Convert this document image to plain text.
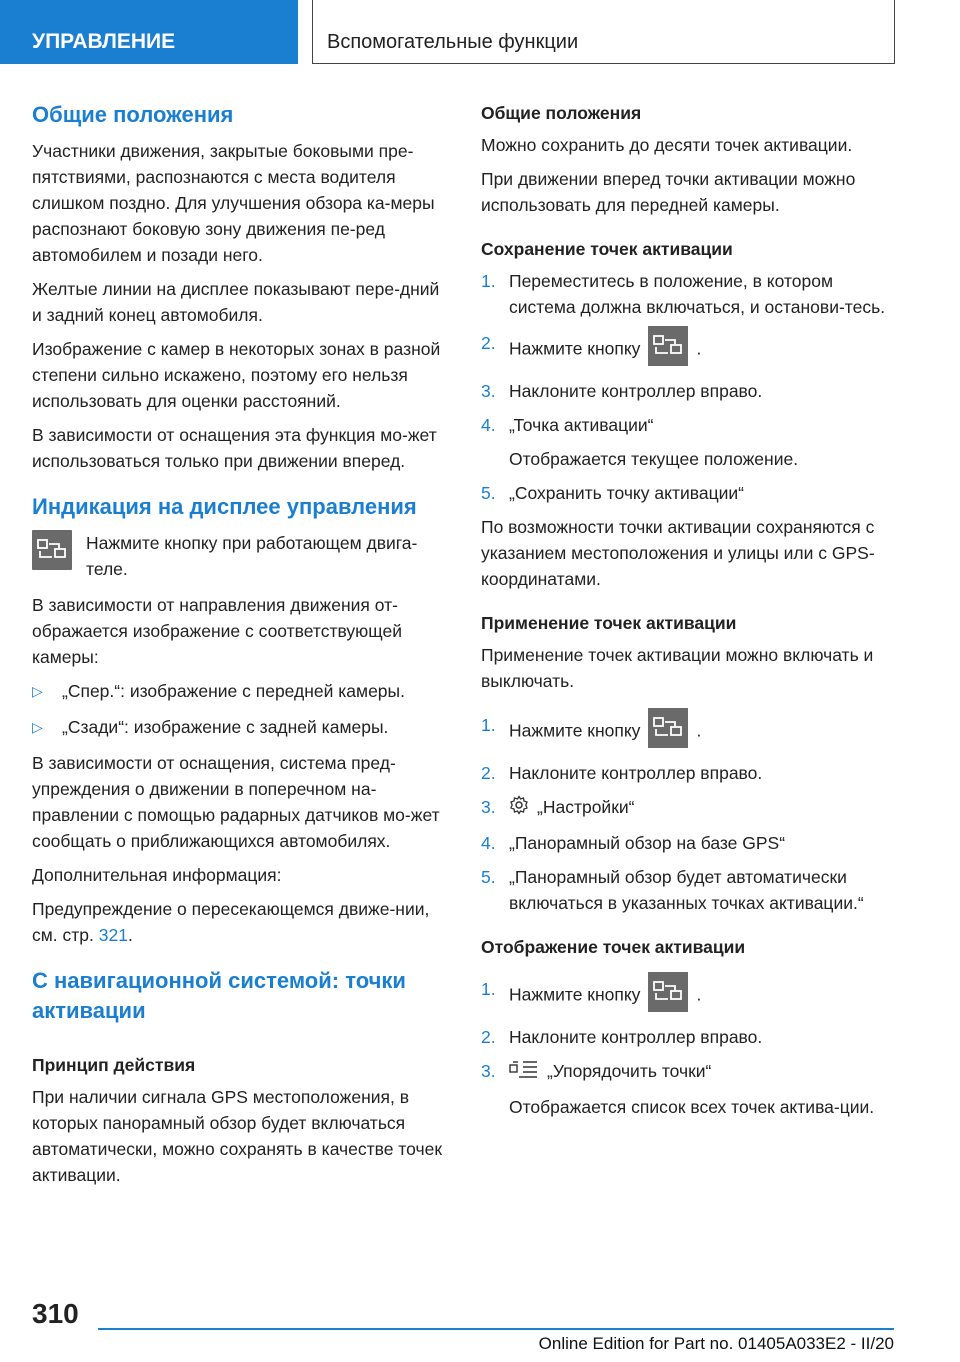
УПРАВЛЕНИЕ	Вспомогательные функции
Общие положения

Участники движения, закрытые боковыми пре-пятствиями, распознаются с места водителя слишком поздно. Для улучшения обзора ка-меры распознают боковую зону движения пе-ред автомобилем и позади него.

Желтые линии на дисплее показывают пере-дний и задний конец автомобиля.

Изображение с камер в некоторых зонах в разной степени сильно искажено, поэтому его нельзя использовать для оценки расстояний.

В зависимости от оснащения эта функция мо-жет использоваться только при движении вперед.

Индикация на дисплее управления
Нажмите кнопку при работающем двига-теле.

В зависимости от направления движения от-ображается изображение с соответствующей камеры:

▷	„Спер.“: изображение с передней камеры.
▷	„Сзади“: изображение с задней камеры.

В зависимости от оснащения, система пред-упреждения о движении в поперечном на-правлении с помощью радарных датчиков мо-жет сообщать о приближающихся автомобилях.

Дополнительная информация:

Предупреждение о пересекающемся движе-нии, см. стр. 321.

С навигационной системой: точки активации
Принцип действия

При наличии сигнала GPS местоположения, в которых панорамный обзор будет включаться автоматически, можно сохранять в качестве точек активации.

Общие положения

Можно сохранить до десяти точек активации.

При движении вперед точки активации можно использовать для передней камеры.

Сохранение точек активации
1. Переместитесь в положение, в котором система должна включаться, и останови-тесь.
2. Нажмите кнопку	.
3. Наклоните контроллер вправо.
4. „Точка активации“
Отображается текущее положение.
5. „Сохранить точку активации“

По возможности точки активации сохраняются с указанием местоположения и улицы или с GPS-координатами.

Применение точек активации

Применение точек активации можно включать и выключать.

1. Нажмите кнопку	.
2. Наклоните контроллер вправо.
3.	„Настройки“
4. „Панорамный обзор на базе GPS“
5. „Панорамный обзор будет автоматически включаться в указанных точках активации.“
Отображение точек активации
1. Нажмите кнопку	.
2. Наклоните контроллер вправо.
3.	„Упорядочить точки“
Отображается список всех точек актива-ции.
310
Online Edition for Part no. 01405A033E2 - II/20
